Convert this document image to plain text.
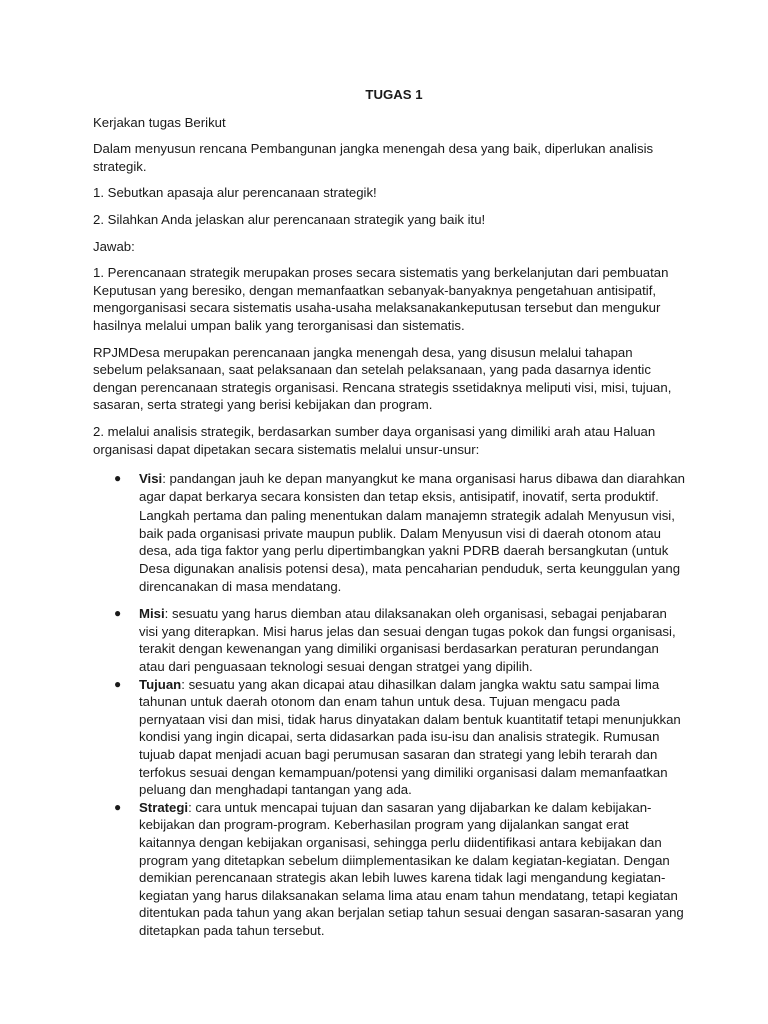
TUGAS 1

Kerjakan tugas Berikut

Dalam menyusun rencana Pembangunan jangka menengah desa yang baik, diperlukan analisis strategik.

1. Sebutkan apasaja alur perencanaan strategik!

2. Silahkan Anda jelaskan alur perencanaan strategik yang baik itu!

Jawab:

1. Perencanaan strategik merupakan proses secara sistematis yang berkelanjutan dari pembuatan Keputusan yang beresiko, dengan memanfaatkan sebanyak-banyaknya pengetahuan antisipatif, mengorganisasi secara sistematis usaha-usaha melaksanakankeputusan tersebut dan mengukur hasilnya melalui umpan balik yang terorganisasi dan sistematis.

RPJMDesa merupakan perencanaan jangka menengah desa, yang disusun melalui tahapan sebelum pelaksanaan, saat pelaksanaan dan setelah pelaksanaan, yang pada dasarnya identic dengan perencanaan strategis organisasi. Rencana strategis ssetidaknya meliputi visi, misi, tujuan, sasaran, serta strategi yang berisi kebijakan dan program.

2. melalui analisis strategik, berdasarkan sumber daya organisasi yang dimiliki arah atau Haluan organisasi dapat dipetakan secara sistematis melalui unsur-unsur:

● Visi: pandangan jauh ke depan manyangkut ke mana organisasi harus dibawa dan diarahkan agar dapat berkarya secara konsisten dan tetap eksis, antisipatif, inovatif, serta produktif.
Langkah pertama dan paling menentukan dalam manajemn strategik adalah Menyusun visi, baik pada organisasi private maupun publik. Dalam Menyusun visi di daerah otonom atau desa, ada tiga faktor yang perlu dipertimbangkan yakni PDRB daerah bersangkutan (untuk Desa digunakan analisis potensi desa), mata pencaharian penduduk, serta keunggulan yang direncanakan di masa mendatang.
● Misi: sesuatu yang harus diemban atau dilaksanakan oleh organisasi, sebagai penjabaran visi yang diterapkan. Misi harus jelas dan sesuai dengan tugas pokok dan fungsi organisasi, terakit dengan kewenangan yang dimiliki organisasi berdasarkan peraturan perundangan atau dari penguasaan teknologi sesuai dengan stratgei yang dipilih.
● Tujuan: sesuatu yang akan dicapai atau dihasilkan dalam jangka waktu satu sampai lima tahunan untuk daerah otonom dan enam tahun untuk desa. Tujuan mengacu pada pernyataan visi dan misi, tidak harus dinyatakan dalam bentuk kuantitatif tetapi menunjukkan kondisi yang ingin dicapai, serta didasarkan pada isu-isu dan analisis strategik. Rumusan tujuab dapat menjadi acuan bagi perumusan sasaran dan strategi yang lebih terarah dan terfokus sesuai dengan kemampuan/potensi yang dimiliki organisasi dalam memanfaatkan peluang dan menghadapi tantangan yang ada.
● Strategi: cara untuk mencapai tujuan dan sasaran yang dijabarkan ke dalam kebijakan-kebijakan dan program-program. Keberhasilan program yang dijalankan sangat erat kaitannya dengan kebijakan organisasi, sehingga perlu diidentifikasi antara kebijakan dan program yang ditetapkan sebelum diimplementasikan ke dalam kegiatan-kegiatan. Dengan demikian perencanaan strategis akan lebih luwes karena tidak lagi mengandung kegiatan-kegiatan yang harus dilaksanakan selama lima atau enam tahun mendatang, tetapi kegiatan ditentukan pada tahun yang akan berjalan setiap tahun sesuai dengan sasaran-sasaran yang ditetapkan pada tahun tersebut.
